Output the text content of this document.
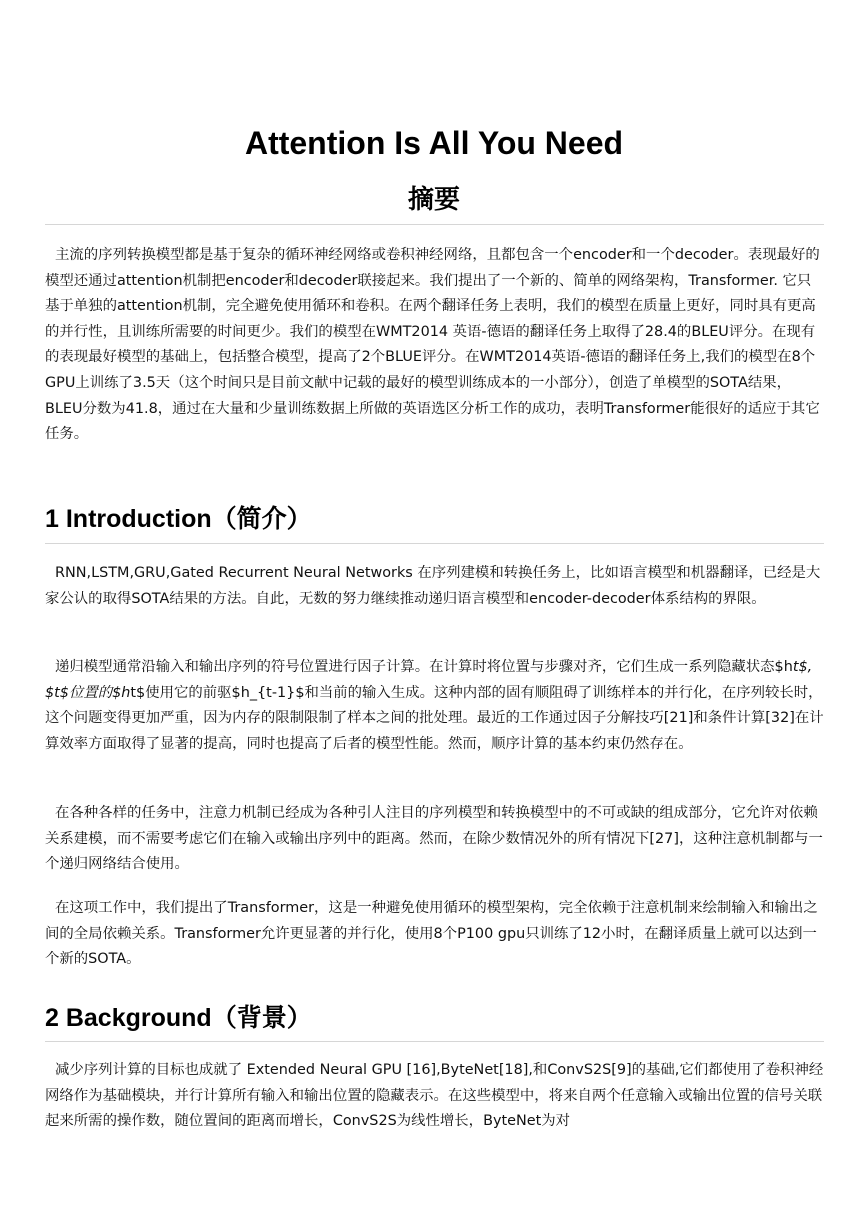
Attention Is All You Need
摘要

主流的序列转换模型都是基于复杂的循环神经网络或卷积神经网络，且都包含一个encoder和一个decoder。表现最好的模型还通过attention机制把encoder和decoder联接起来。我们提出了一个新的、简单的网络架构，Transformer. 它只基于单独的attention机制，完全避免使用循环和卷积。在两个翻译任务上表明，我们的模型在质量上更好，同时具有更高的并行性，且训练所需要的时间更少。我们的模型在WMT2014 英语-德语的翻译任务上取得了28.4的BLEU评分。在现有的表现最好模型的基础上，包括整合模型，提高了2个BLUE评分。在WMT2014英语-德语的翻译任务上,我们的模型在8个GPU上训练了3.5天（这个时间只是目前文献中记载的最好的模型训练成本的一小部分），创造了单模型的SOTA结果，BLEU分数为41.8，通过在大量和少量训练数据上所做的英语选区分析工作的成功，表明Transformer能很好的适应于其它任务。

1 Introduction（简介）

RNN,LSTM,GRU,Gated Recurrent Neural Networks 在序列建模和转换任务上，比如语言模型和机器翻译，已经是大家公认的取得SOTA结果的方法。自此，无数的努力继续推动递归语言模型和encoder-decoder体系结构的界限。

递归模型通常沿输入和输出序列的符号位置进行因子计算。在计算时将位置与步骤对齐，它们生成一系列隐藏状态$ht$, $t$位置的$ht$使用它的前驱$h_{t-1}$和当前的输入生成。这种内部的固有顺阻碍了训练样本的并行化，在序列较长时，这个问题变得更加严重，因为内存的限制限制了样本之间的批处理。最近的工作通过因子分解技巧[21]和条件计算[32]在计算效率方面取得了显著的提高，同时也提高了后者的模型性能。然而，顺序计算的基本约束仍然存在。

在各种各样的任务中，注意力机制已经成为各种引人注目的序列模型和转换模型中的不可或缺的组成部分，它允许对依赖关系建模，而不需要考虑它们在输入或输出序列中的距离。然而，在除少数情况外的所有情况下[27]，这种注意机制都与一个递归网络结合使用。

在这项工作中，我们提出了Transformer，这是一种避免使用循环的模型架构，完全依赖于注意机制来绘制输入和输出之间的全局依赖关系。Transformer允许更显著的并行化，使用8个P100 gpu只训练了12小时，在翻译质量上就可以达到一个新的SOTA。

2 Background（背景）

减少序列计算的目标也成就了 Extended Neural GPU [16],ByteNet[18],和ConvS2S[9]的基础,它们都使用了卷积神经网络作为基础模块，并行计算所有输入和输出位置的隐藏表示。在这些模型中，将来自两个任意输入或输出位置的信号关联起来所需的操作数，随位置间的距离而增长，ConvS2S为线性增长，ByteNet为对
